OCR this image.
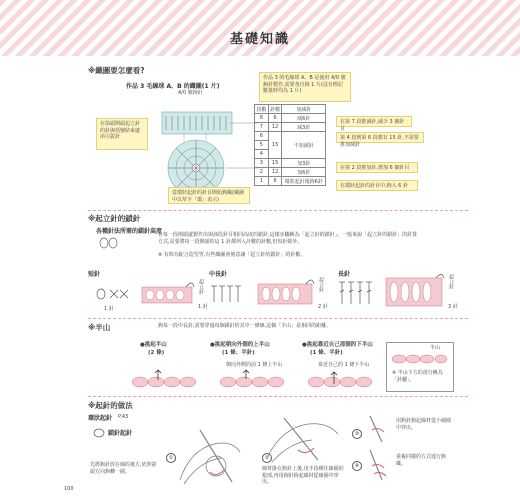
基礎知識
※織圖要怎麼看?
作品 3 毛線球 A、B 的織圖(1 片)
4/0 號鉤針
作品 3 的毛線球 A、B 是使用 4/0 號鉤針製作,需要各自鉤 1 片(沒有標記數量時均為 1 片)
在箭頭開頭起立針的針與括號結束處串引拔針
從環狀起針的針目開始鉤織(織圖中以草字「環」表示)
段數	針數	加減針
8	6	減6針
7	12	減3針
6	15	不加減針
5		
4		
3	15	加3針
2	12	加6針
1	6	環狀起針後鉤6針
在第 7 段推減針,減少 3 個針目
第 4 段到第 6 段都有 15 針,不需要推加減針
在第 2 段推加針,增加 6 個針目
在環狀起針的針目中,鉤入 6 針
※起立針的鎖針
各種針法所需的鎖針高度
在每一段開頭處製作出與該段針目相同高度的鎖針,這樣步驟稱為「起立針的鎖針」。一般來說「起立針的鎖針」的針算方式,是要將每一段開頭的這 1 針都列入計數的針數,但短針除外。
※ 有時為配合造型等,有些織圖會刻意讓「起立針的鎖針」的針數。
短針	中長針	長針
1 針
起立針
1 針
起立針
2 針
起立針
3 針
※半山	鉤每一段中長針,需要穿過每個鎖針的其中一條線,這個「半山」是相同的距離。
●挑起半山
(2 條)
●挑起朝向外側的上半山
(1 條、半針)
朝向外側的前 1 條上半山
●挑起靠近自己那側的下半山
(1 條、半針)
靠近自己的 1 條下半山
半山
※ 半山下方的部分稱為「針腳」。
※起針的做法
環狀起針 P.43
鎖針起針
先將鉤針放在線的後方,依照箭頭方向鉤轉一圈。
①	②
③
④
線材掛在鉤針上後,用手指壓住線圈的根部,再用鉤針鉤起線材從線圈中穿出。
用鉤針鉤起線材從小線圈中穿出。
重複同樣的方式進行鉤織。
100
